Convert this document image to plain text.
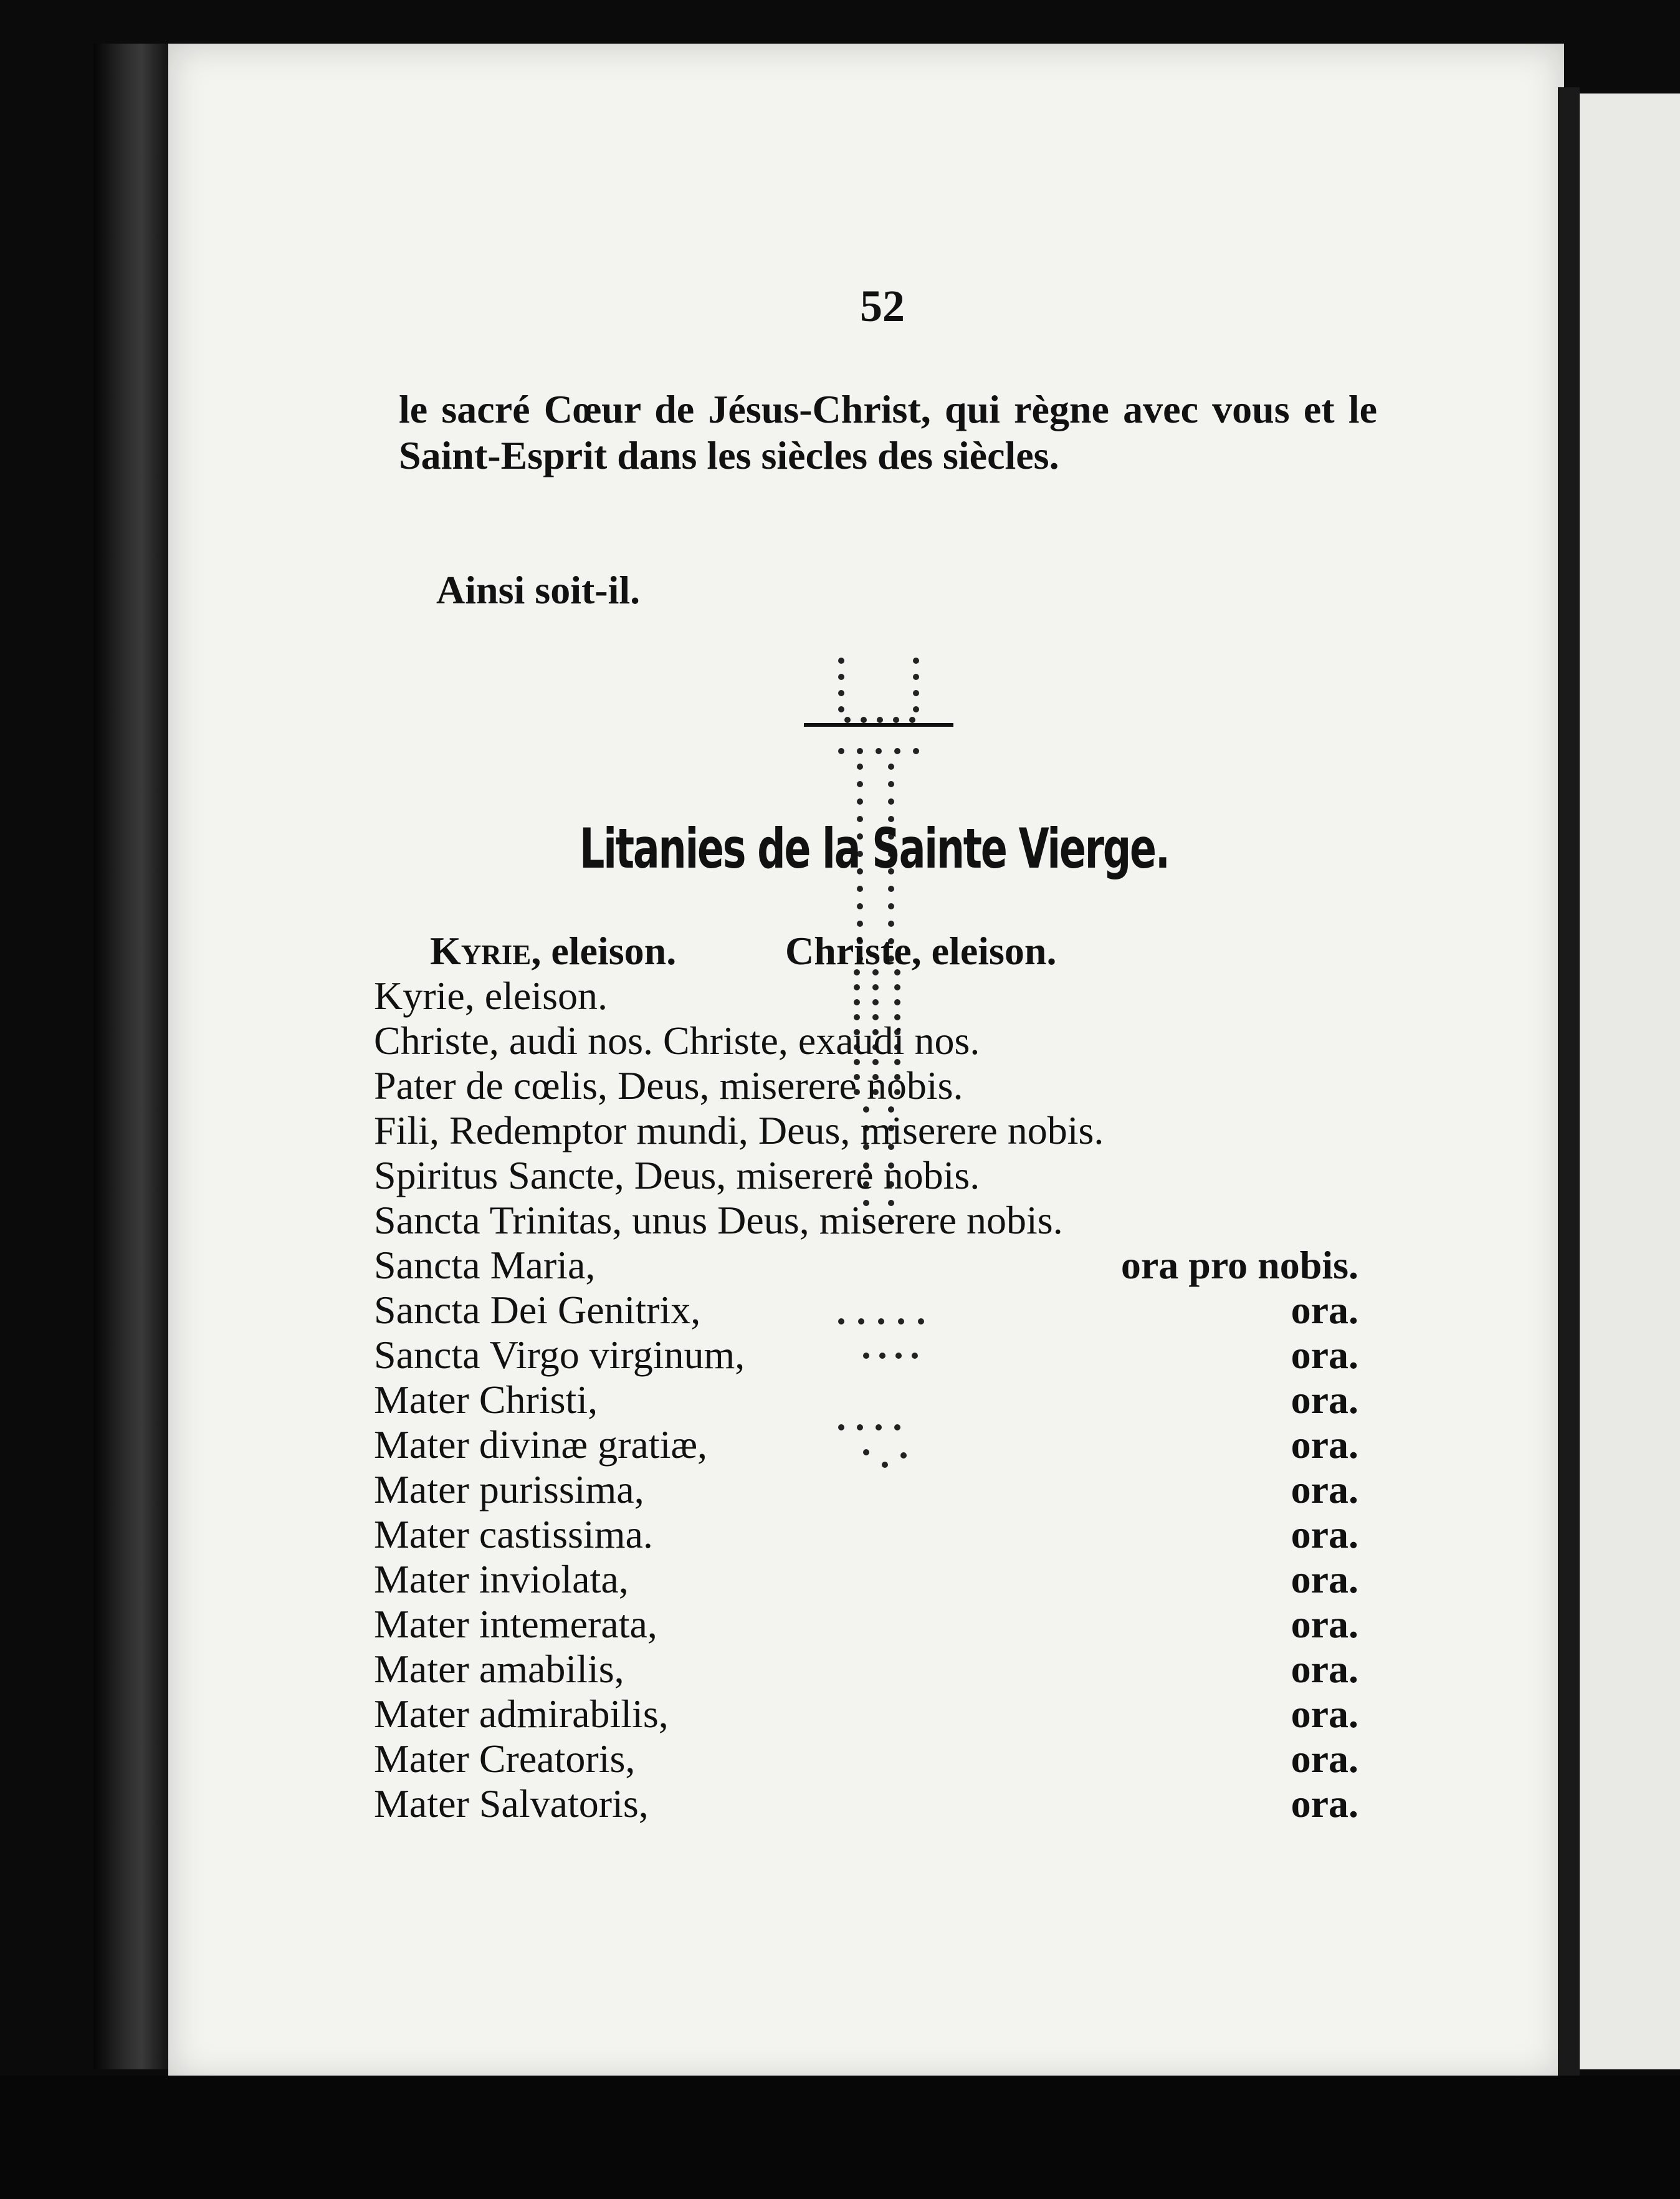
52
le sacré Cœur de Jésus-Christ, qui règne avec vous et le Saint-Esprit dans les siècles des siècles.
Ainsi soit-il.
Litanies de la Sainte Vierge.
Kyrie, eleison.	Christe, eleison.
Kyrie, eleison.
Christe, audi nos. Christe, exaudi nos.
Pater de cœlis, Deus, miserere nobis.
Fili, Redemptor mundi, Deus, miserere nobis.
Spiritus Sancte, Deus, miserere nobis.
Sancta Trinitas, unus Deus, miserere nobis.
Sancta Maria,	ora pro nobis.
Sancta Dei Genitrix,	ora.
Sancta Virgo virginum,	ora.
Mater Christi,	ora.
Mater divinæ gratiæ,	ora.
Mater purissima,	ora.
Mater castissima.	ora.
Mater inviolata,	ora.
Mater intemerata,	ora.
Mater amabilis,	ora.
Mater admirabilis,	ora.
Mater Creatoris,	ora.
Mater Salvatoris,	ora.
